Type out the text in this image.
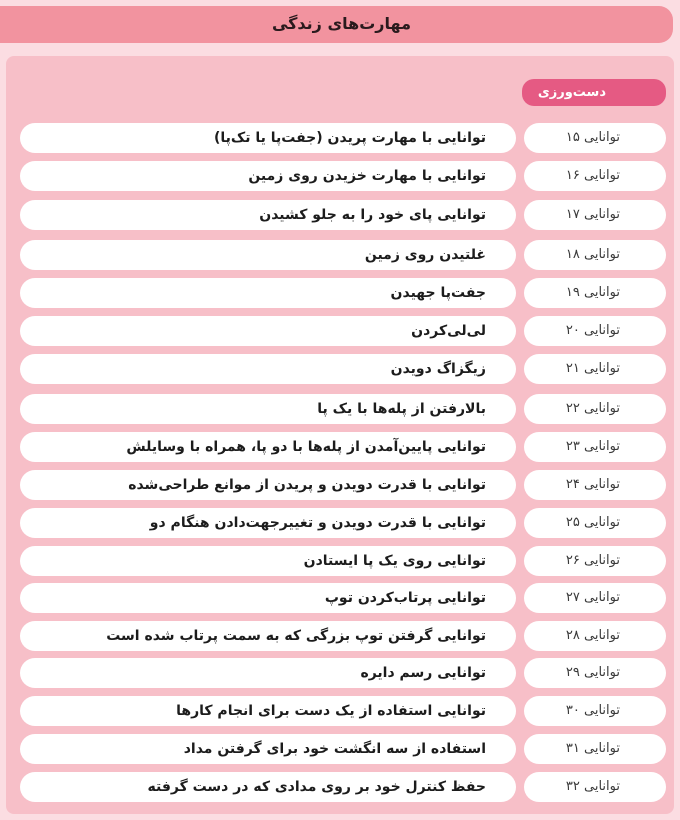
مهارت‌های زندگی
دست‌ورزی
توانایی ۱۵
توانایی با مهارت پریدن (جفت‌پا یا تک‌پا)
توانایی ۱۶
توانایی با مهارت خزیدن روی زمین
توانایی ۱۷
توانایی پای خود را به جلو کشیدن
توانایی ۱۸
غلتیدن روی زمین
توانایی ۱۹
جفت‌پا جهیدن
توانایی ۲۰
لی‌لی‌کردن
توانایی ۲۱
زیگزاگ دویدن
توانایی ۲۲
بالارفتن از پله‌ها با یک پا
توانایی ۲۳
توانایی پایین‌آمدن از پله‌ها با دو پا، همراه با وسایلش
توانایی ۲۴
توانایی با قدرت دویدن و پریدن از موانع طراحی‌شده
توانایی ۲۵
توانایی با قدرت دویدن و تغییرجهت‌دادن هنگام دو
توانایی ۲۶
توانایی روی یک پا ایستادن
توانایی ۲۷
توانایی پرتاب‌کردن توپ
توانایی ۲۸
توانایی گرفتن توپ بزرگی که به سمت پرتاب شده است
توانایی ۲۹
توانایی رسم دایره
توانایی ۳۰
توانایی استفاده از یک دست برای انجام کارها
توانایی ۳۱
استفاده از سه انگشت خود برای گرفتن مداد
توانایی ۳۲
حفظ کنترل خود بر روی مدادی که در دست گرفته
